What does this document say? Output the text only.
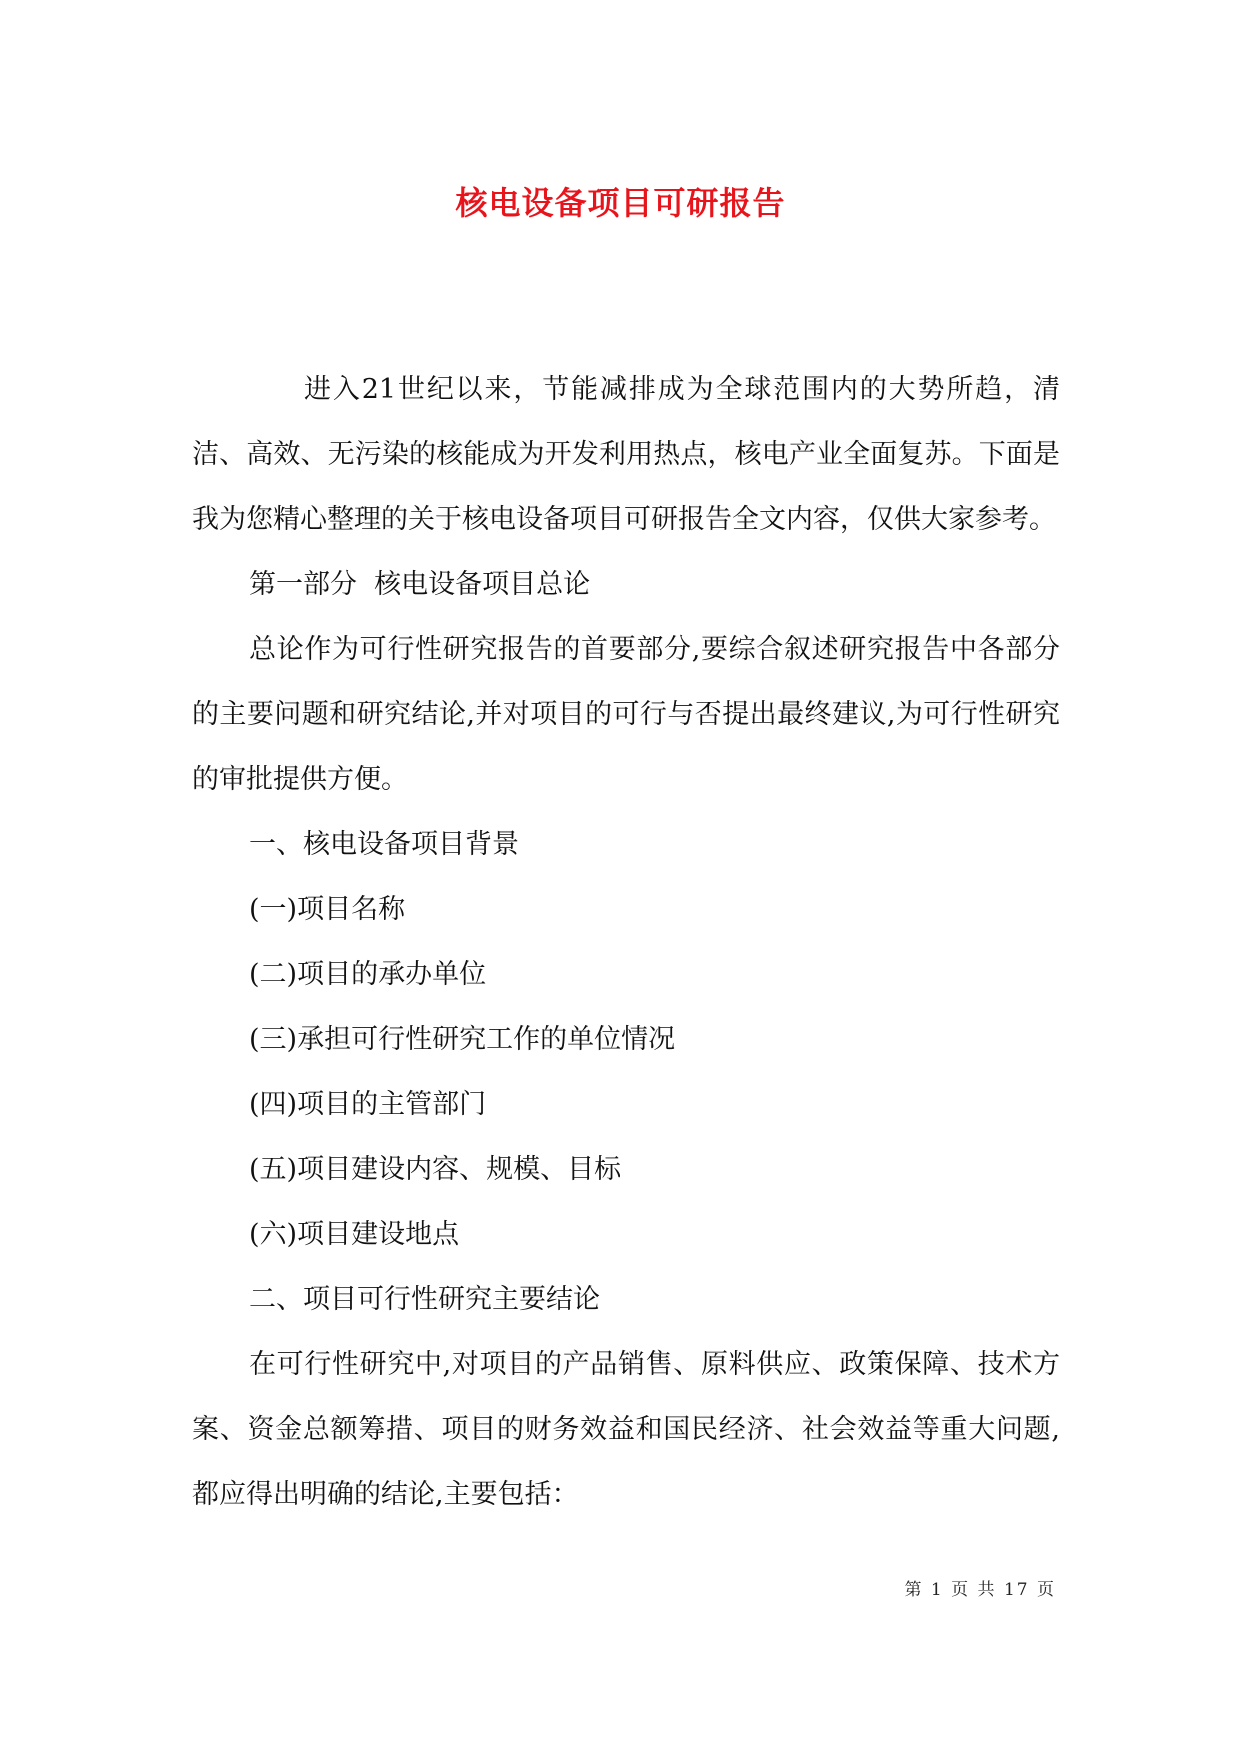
核电设备项目可研报告

进入21世纪以来，节能减排成为全球范围内的大势所趋，清洁、高效、无污染的核能成为开发利用热点，核电产业全面复苏。下面是我为您精心整理的关于核电设备项目可研报告全文内容，仅供大家参考。

第一部分  核电设备项目总论

总论作为可行性研究报告的首要部分,要综合叙述研究报告中各部分的主要问题和研究结论,并对项目的可行与否提出最终建议,为可行性研究的审批提供方便。

一、核电设备项目背景

(一)项目名称

(二)项目的承办单位

(三)承担可行性研究工作的单位情况

(四)项目的主管部门

(五)项目建设内容、规模、目标

(六)项目建设地点

二、项目可行性研究主要结论

在可行性研究中,对项目的产品销售、原料供应、政策保障、技术方案、资金总额筹措、项目的财务效益和国民经济、社会效益等重大问题,都应得出明确的结论,主要包括：

第 1 页 共 17 页
